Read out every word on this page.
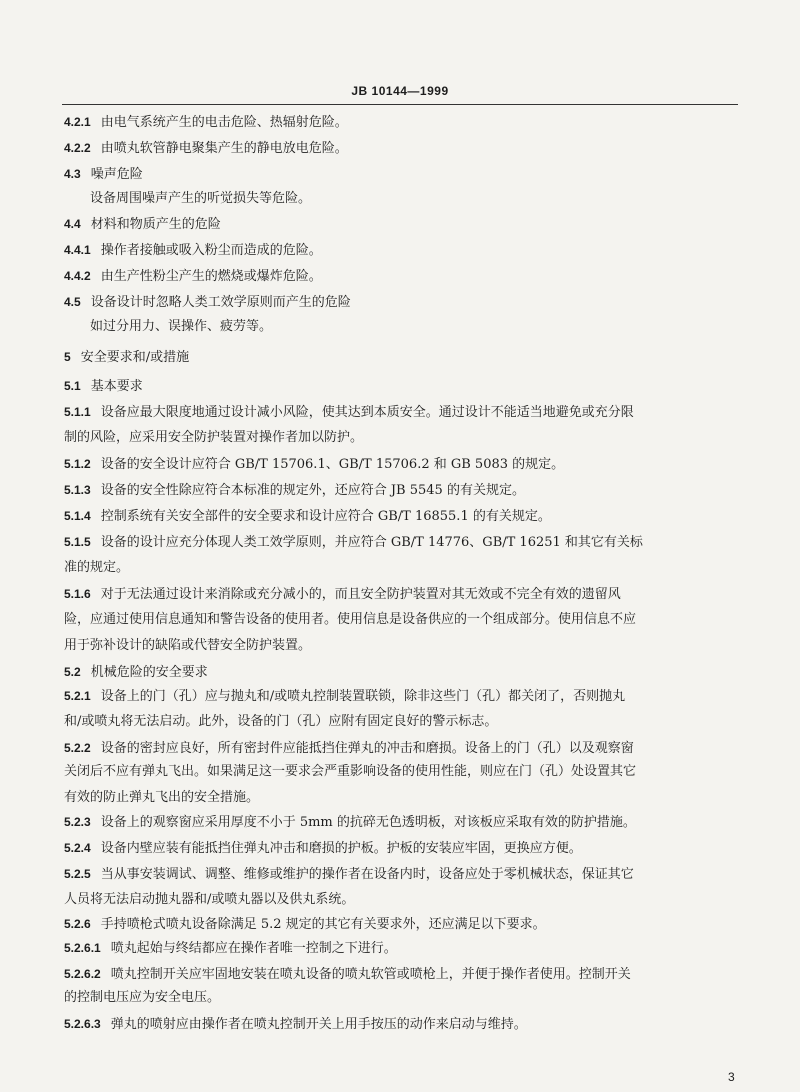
JB 10144—1999
4.2.1 由电气系统产生的电击危险、热辐射危险。
4.2.2 由喷丸软管静电聚集产生的静电放电危险。
4.3 噪声危险
设备周围噪声产生的听觉损失等危险。
4.4 材料和物质产生的危险
4.4.1 操作者接触或吸入粉尘而造成的危险。
4.4.2 由生产性粉尘产生的燃烧或爆炸危险。
4.5 设备设计时忽略人类工效学原则而产生的危险
如过分用力、误操作、疲劳等。
5 安全要求和/或措施
5.1 基本要求
5.1.1 设备应最大限度地通过设计减小风险，使其达到本质安全。通过设计不能适当地避免或充分限
制的风险，应采用安全防护装置对操作者加以防护。
5.1.2 设备的安全设计应符合 GB/T 15706.1、GB/T 15706.2 和 GB 5083 的规定。
5.1.3 设备的安全性除应符合本标准的规定外，还应符合 JB 5545 的有关规定。
5.1.4 控制系统有关安全部件的安全要求和设计应符合 GB/T 16855.1 的有关规定。
5.1.5 设备的设计应充分体现人类工效学原则，并应符合 GB/T 14776、GB/T 16251 和其它有关标
准的规定。
5.1.6 对于无法通过设计来消除或充分减小的，而且安全防护装置对其无效或不完全有效的遗留风
险，应通过使用信息通知和警告设备的使用者。使用信息是设备供应的一个组成部分。使用信息不应
用于弥补设计的缺陷或代替安全防护装置。
5.2 机械危险的安全要求
5.2.1 设备上的门（孔）应与抛丸和/或喷丸控制装置联锁，除非这些门（孔）都关闭了，否则抛丸
和/或喷丸将无法启动。此外，设备的门（孔）应附有固定良好的警示标志。
5.2.2 设备的密封应良好，所有密封件应能抵挡住弹丸的冲击和磨损。设备上的门（孔）以及观察窗
关闭后不应有弹丸飞出。如果满足这一要求会严重影响设备的使用性能，则应在门（孔）处设置其它
有效的防止弹丸飞出的安全措施。
5.2.3 设备上的观察窗应采用厚度不小于 5mm 的抗碎无色透明板，对该板应采取有效的防护措施。
5.2.4 设备内壁应装有能抵挡住弹丸冲击和磨损的护板。护板的安装应牢固，更换应方便。
5.2.5 当从事安装调试、调整、维修或维护的操作者在设备内时，设备应处于零机械状态，保证其它
人员将无法启动抛丸器和/或喷丸器以及供丸系统。
5.2.6 手持喷枪式喷丸设备除满足 5.2 规定的其它有关要求外，还应满足以下要求。
5.2.6.1 喷丸起始与终结都应在操作者唯一控制之下进行。
5.2.6.2 喷丸控制开关应牢固地安装在喷丸设备的喷丸软管或喷枪上，并便于操作者使用。控制开关
的控制电压应为安全电压。
5.2.6.3 弹丸的喷射应由操作者在喷丸控制开关上用手按压的动作来启动与维持。
3
